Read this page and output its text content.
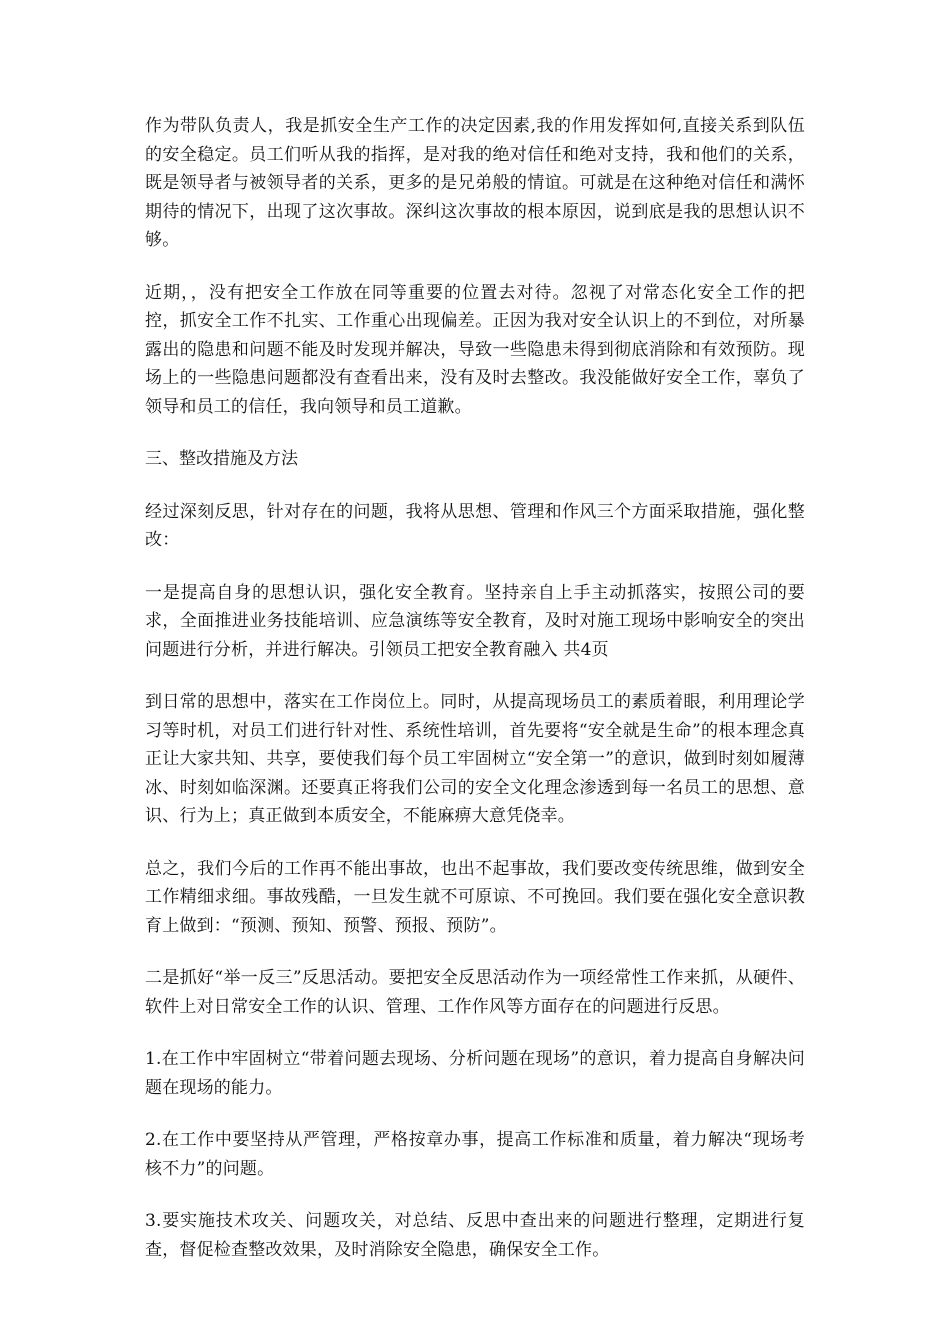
作为带队负责人，我是抓安全生产工作的决定因素,我的作用发挥如何,直接关系到队伍的安全稳定。员工们听从我的指挥，是对我的绝对信任和绝对支持，我和他们的关系，既是领导者与被领导者的关系，更多的是兄弟般的情谊。可就是在这种绝对信任和满怀期待的情况下，出现了这次事故。深纠这次事故的根本原因，说到底是我的思想认识不够。

近期，，没有把安全工作放在同等重要的位置去对待。忽视了对常态化安全工作的把控，抓安全工作不扎实、工作重心出现偏差。正因为我对安全认识上的不到位，对所暴露出的隐患和问题不能及时发现并解决，导致一些隐患未得到彻底消除和有效预防。现场上的一些隐患问题都没有查看出来，没有及时去整改。我没能做好安全工作，辜负了领导和员工的信任，我向领导和员工道歉。

三、整改措施及方法

经过深刻反思，针对存在的问题，我将从思想、管理和作风三个方面采取措施，强化整改：

一是提高自身的思想认识，强化安全教育。坚持亲自上手主动抓落实，按照公司的要求，全面推进业务技能培训、应急演练等安全教育，及时对施工现场中影响安全的突出问题进行分析，并进行解决。引领员工把安全教育融入 共4页

到日常的思想中，落实在工作岗位上。同时，从提高现场员工的素质着眼，利用理论学习等时机，对员工们进行针对性、系统性培训，首先要将“安全就是生命”的根本理念真正让大家共知、共享，要使我们每个员工牢固树立“安全第一”的意识，做到时刻如履薄冰、时刻如临深渊。还要真正将我们公司的安全文化理念渗透到每一名员工的思想、意识、行为上；真正做到本质安全，不能麻痹大意凭侥幸。

总之，我们今后的工作再不能出事故，也出不起事故，我们要改变传统思维，做到安全工作精细求细。事故残酷，一旦发生就不可原谅、不可挽回。我们要在强化安全意识教育上做到：“预测、预知、预警、预报、预防”。

二是抓好“举一反三”反思活动。要把安全反思活动作为一项经常性工作来抓，从硬件、软件上对日常安全工作的认识、管理、工作作风等方面存在的问题进行反思。

1.在工作中牢固树立“带着问题去现场、分析问题在现场”的意识，着力提高自身解决问题在现场的能力。

2.在工作中要坚持从严管理，严格按章办事，提高工作标准和质量，着力解决“现场考核不力”的问题。

3.要实施技术攻关、问题攻关，对总结、反思中查出来的问题进行整理，定期进行复查，督促检查整改效果，及时消除安全隐患，确保安全工作。
